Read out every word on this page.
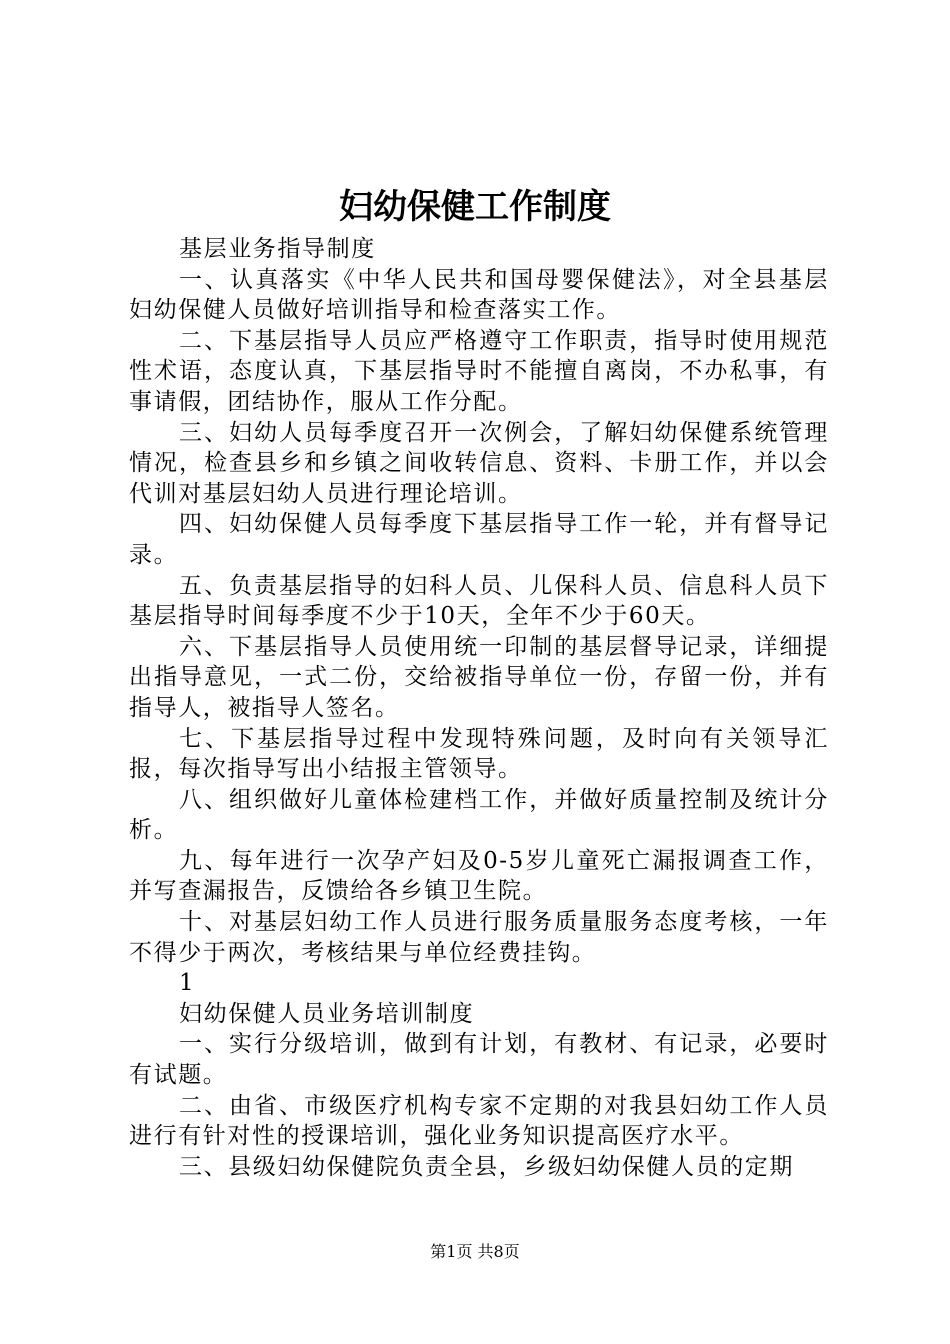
妇幼保健工作制度

基层业务指导制度

一、认真落实《中华人民共和国母婴保健法》，对全县基层妇幼保健人员做好培训指导和检查落实工作。

二、下基层指导人员应严格遵守工作职责，指导时使用规范性术语，态度认真，下基层指导时不能擅自离岗，不办私事，有事请假，团结协作，服从工作分配。

三、妇幼人员每季度召开一次例会，了解妇幼保健系统管理情况，检查县乡和乡镇之间收转信息、资料、卡册工作，并以会代训对基层妇幼人员进行理论培训。

四、妇幼保健人员每季度下基层指导工作一轮，并有督导记录。

五、负责基层指导的妇科人员、儿保科人员、信息科人员下基层指导时间每季度不少于10天，全年不少于60天。

六、下基层指导人员使用统一印制的基层督导记录，详细提出指导意见，一式二份，交给被指导单位一份，存留一份，并有指导人，被指导人签名。

七、下基层指导过程中发现特殊问题，及时向有关领导汇报，每次指导写出小结报主管领导。

八、组织做好儿童体检建档工作，并做好质量控制及统计分析。

九、每年进行一次孕产妇及0-5岁儿童死亡漏报调查工作，并写查漏报告，反馈给各乡镇卫生院。

十、对基层妇幼工作人员进行服务质量服务态度考核，一年不得少于两次，考核结果与单位经费挂钩。

1

妇幼保健人员业务培训制度

一、实行分级培训，做到有计划，有教材、有记录，必要时有试题。

二、由省、市级医疗机构专家不定期的对我县妇幼工作人员进行有针对性的授课培训，强化业务知识提高医疗水平。

三、县级妇幼保健院负责全县，乡级妇幼保健人员的定期

第1页 共8页
